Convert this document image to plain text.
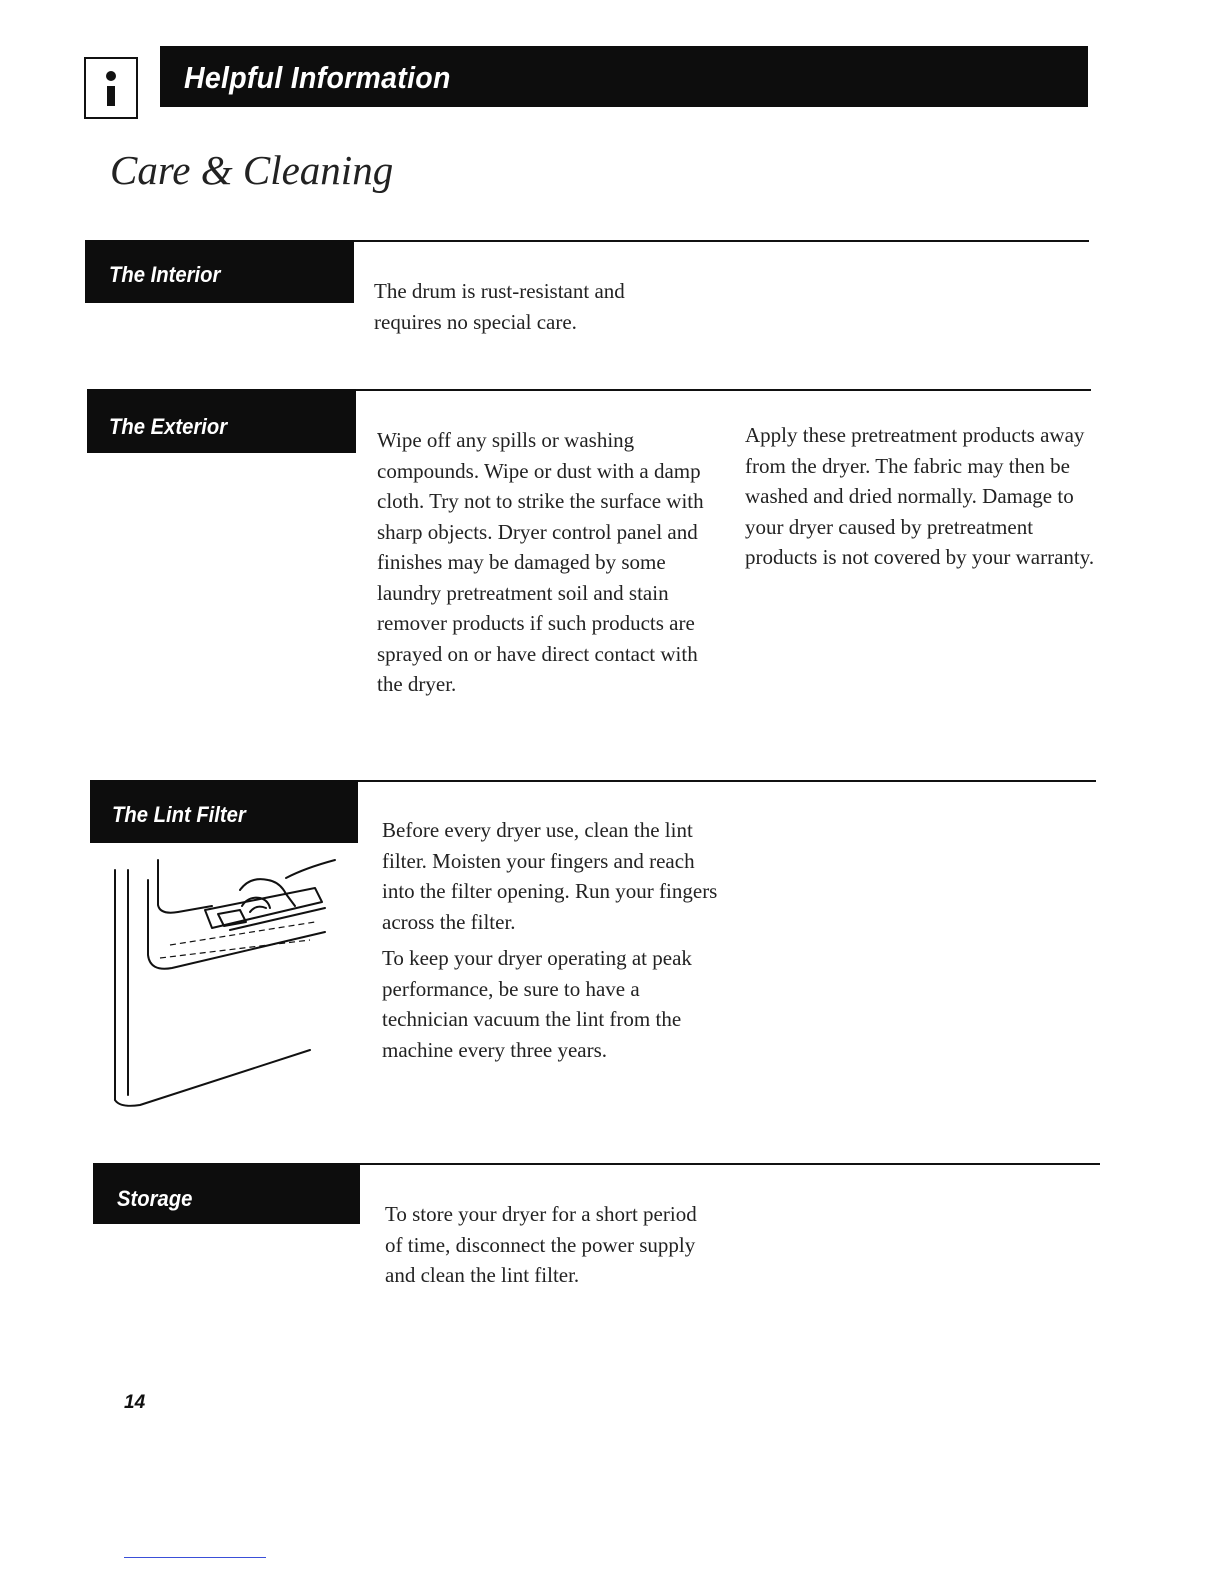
Helpful Information
Care & Cleaning
The Interior

The drum is rust-resistant and requires no special care.

The Exterior

Wipe off any spills or washing compounds. Wipe or dust with a damp cloth. Try not to strike the surface with sharp objects. Dryer control panel and finishes may be damaged by some laundry pretreatment soil and stain remover products if such products are sprayed on or have direct contact with the dryer.

Apply these pretreatment products away from the dryer. The fabric may then be washed and dried normally. Damage to your dryer caused by pretreatment products is not covered by your warranty.

The Lint Filter

Before every dryer use, clean the lint filter. Moisten your fingers and reach into the filter opening. Run your fingers across the filter.

To keep your dryer operating at peak performance, be sure to have a technician vacuum the lint from the machine every three years.

Storage

To store your dryer for a short period of time, disconnect the power supply and clean the lint filter.

14
